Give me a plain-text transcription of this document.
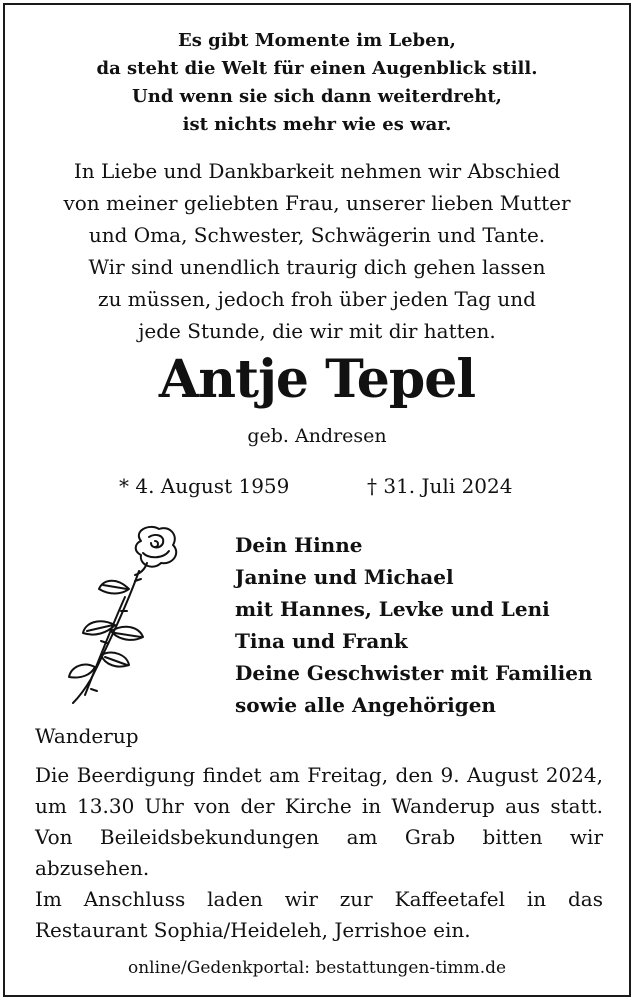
Es gibt Momente im Leben,
da steht die Welt für einen Augenblick still.
Und wenn sie sich dann weiterdreht,
ist nichts mehr wie es war.
In Liebe und Dankbarkeit nehmen wir Abschied
von meiner geliebten Frau, unserer lieben Mutter
und Oma, Schwester, Schwägerin und Tante.
Wir sind unendlich traurig dich gehen lassen
zu müssen, jedoch froh über jeden Tag und
jede Stunde, die wir mit dir hatten.
Antje Tepel
geb. Andresen
* 4. August 1959	† 31. Juli 2024
Dein Hinne
Janine und Michael
mit Hannes, Levke und Leni
Tina und Frank
Deine Geschwister mit Familien
sowie alle Angehörigen
Wanderup

Die Beerdigung findet am Freitag, den 9. August 2024, um 13.30 Uhr von der Kirche in Wanderup aus statt. Von Beileidsbekundungen am Grab bitten wir abzusehen.

Im Anschluss laden wir zur Kaffeetafel in das Restaurant Sophia/Heideleh, Jerrishoe ein.

online/Gedenkportal: bestattungen-timm.de
